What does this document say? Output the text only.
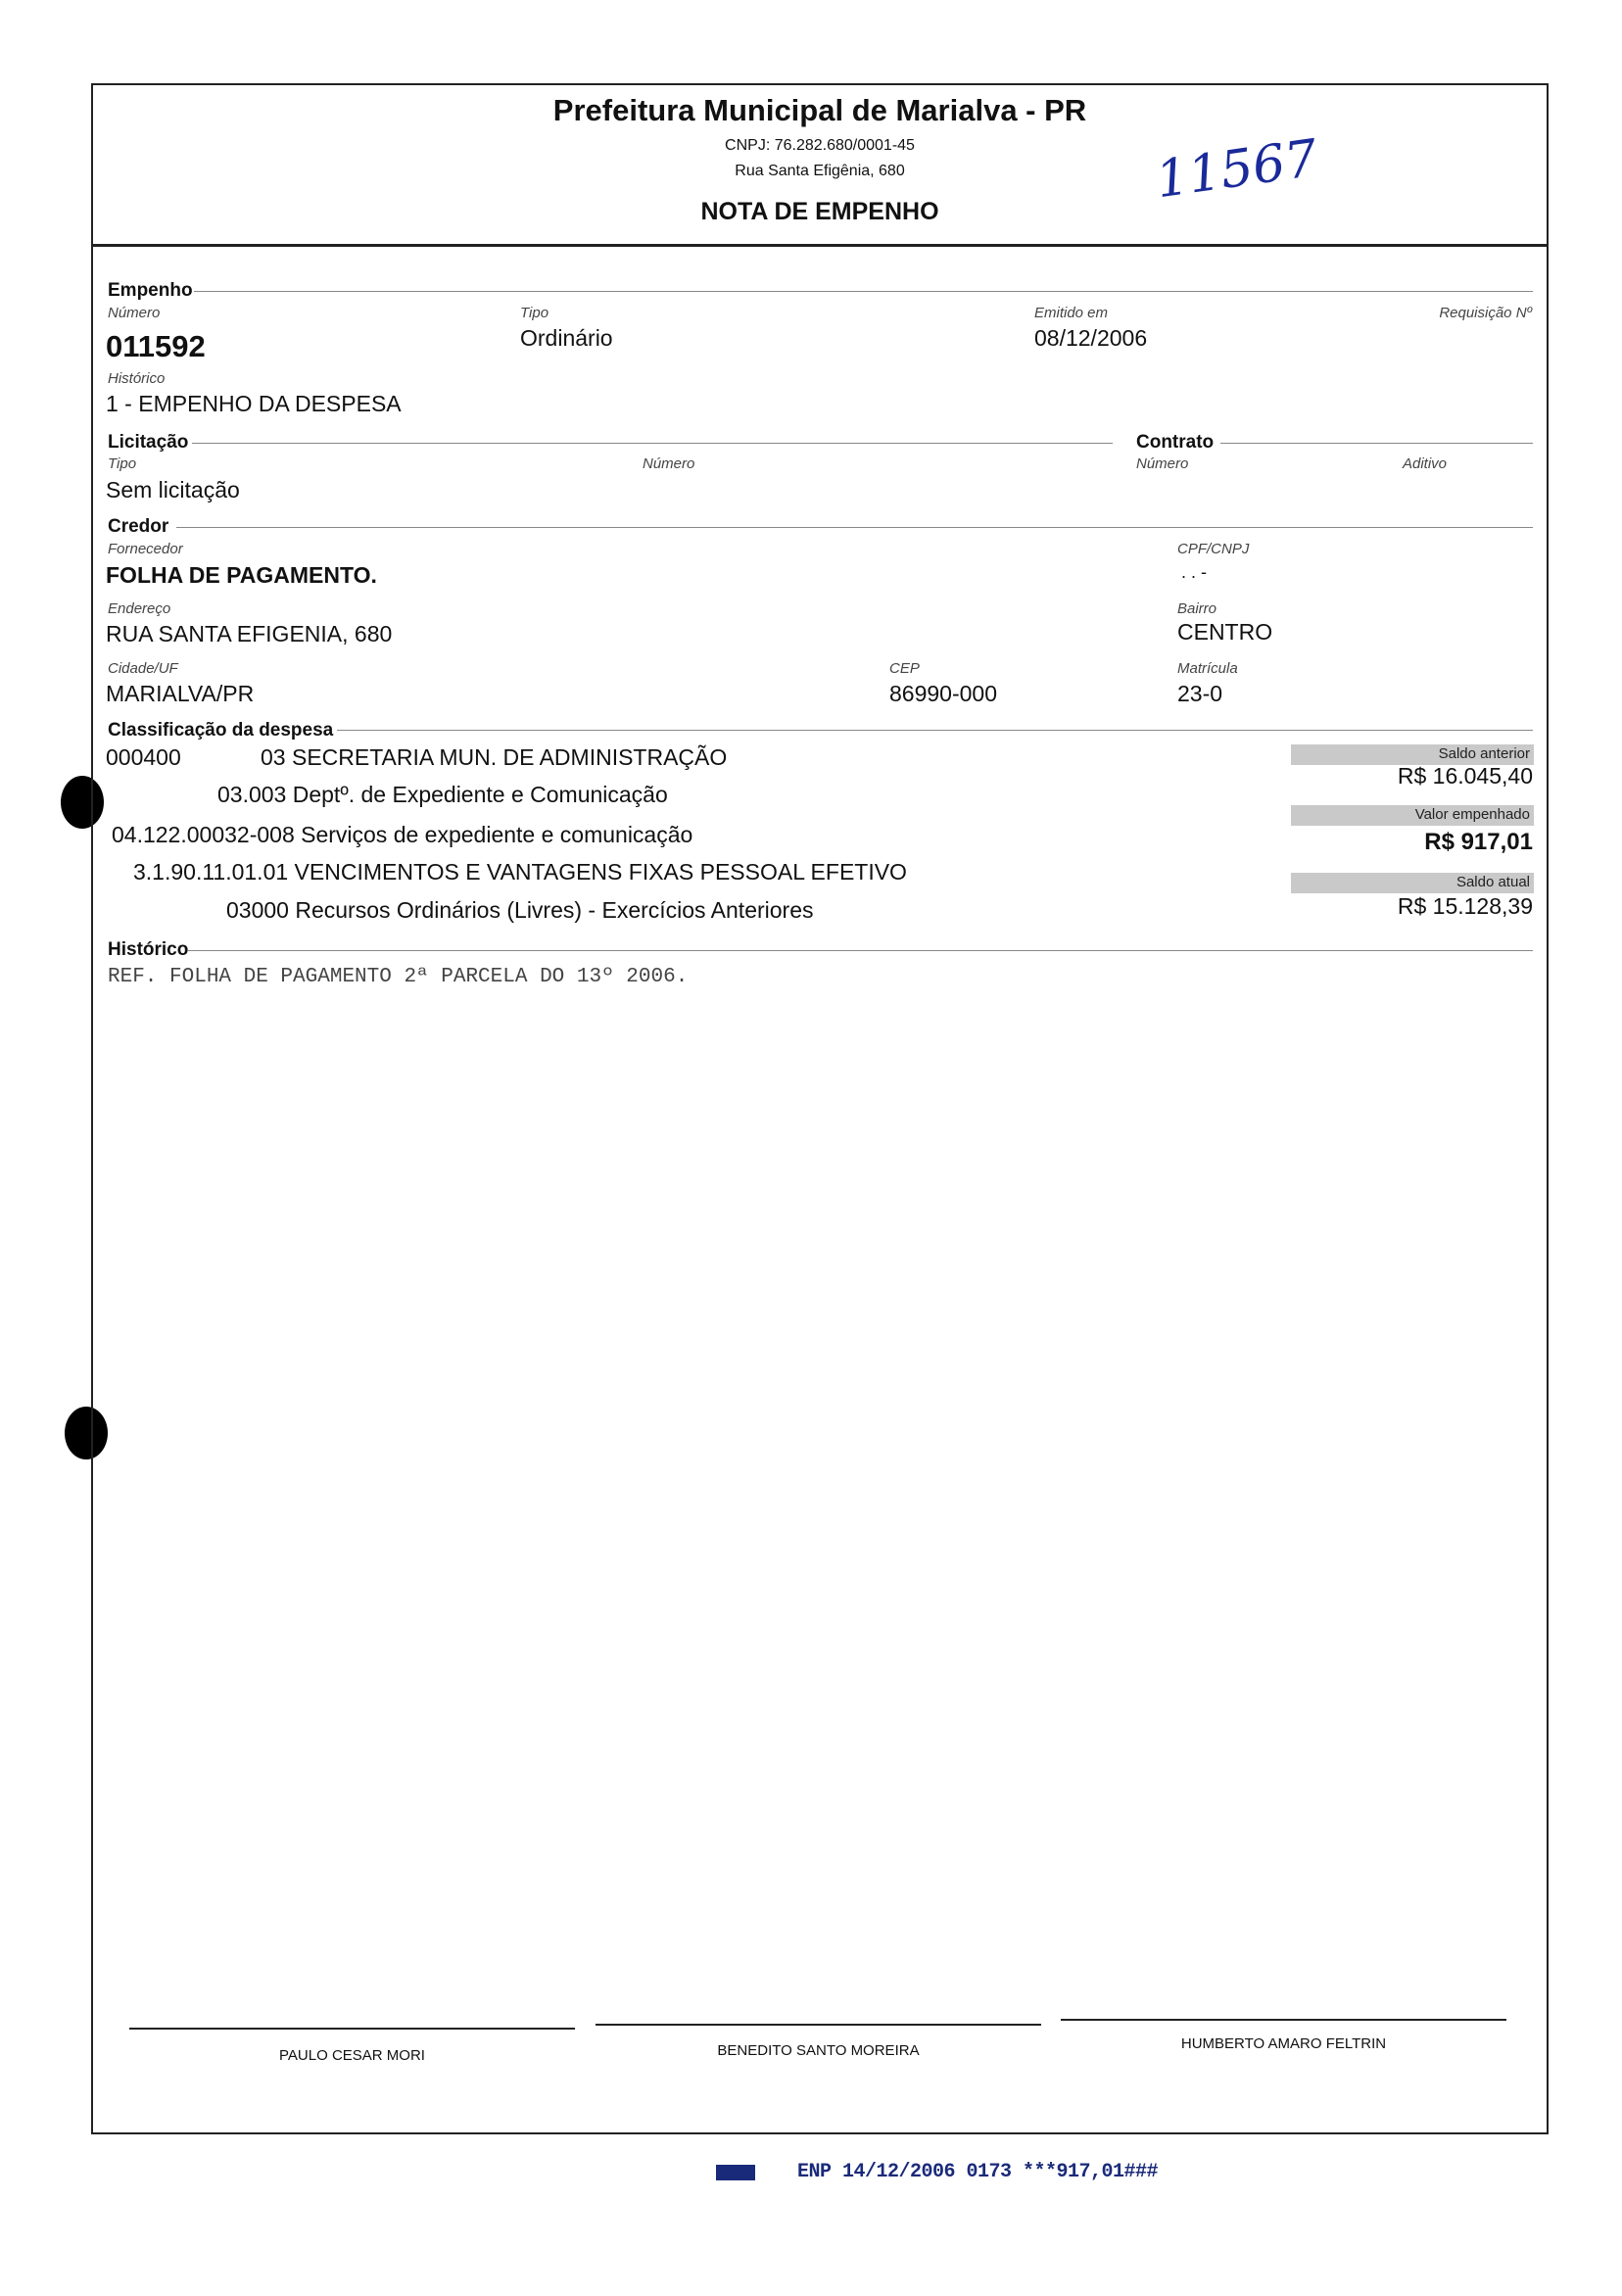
Prefeitura Municipal de Marialva - PR
CNPJ: 76.282.680/0001-45
Rua Santa Efigênia, 680
NOTA DE EMPENHO
11567
Empenho
Número
011592
Tipo
Ordinário
Emitido em
08/12/2006
Requisição Nº
Histórico
1 - EMPENHO DA DESPESA
Licitação	Contrato
Tipo
Sem licitação
Número	Número	Aditivo
Credor
Fornecedor
FOLHA DE PAGAMENTO.
CPF/CNPJ
. . -
Endereço
RUA SANTA EFIGENIA, 680
Bairro
CENTRO
Cidade/UF
MARIALVA/PR
CEP
86990-000
Matrícula
23-0
Classificação da despesa
000400	03 SECRETARIA MUN. DE ADMINISTRAÇÃO
03.003 Deptº. de Expediente e Comunicação
04.122.00032-008 Serviços de expediente e comunicação
3.1.90.11.01.01 VENCIMENTOS E VANTAGENS FIXAS PESSOAL EFETIVO
03000 Recursos Ordinários (Livres) - Exercícios Anteriores
Saldo anterior
R$ 16.045,40
Valor empenhado
R$ 917,01
Saldo atual
R$ 15.128,39
Histórico
REF. FOLHA DE PAGAMENTO 2ª PARCELA DO 13º 2006.
PAULO CESAR MORI	BENEDITO SANTO MOREIRA	HUMBERTO AMARO FELTRIN
ENP 14/12/2006 0173 ***917,01###
